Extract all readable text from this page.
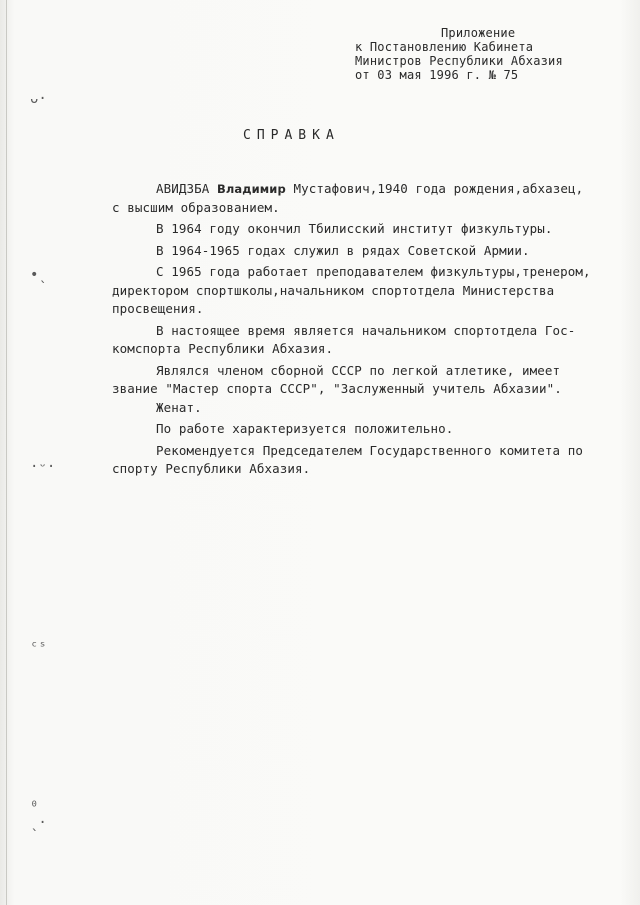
ᴗ·
•ˎ
·ᵕ·
ᶜˢ
⁰
ˎ·
Приложение
к Постановлению Кабинета
Министров Республики Абхазия
от 03 мая 1996 г. № 75
СПРАВКА

АВИДЗБА Владимир Мустафович,1940 года рождения,абхазец,

с высшим образованием.

В 1964 году окончил Тбилисский институт физкультуры.

В 1964-1965 годах служил в рядах Советской Армии.

С 1965 года работает преподавателем физкультуры,тренером,

директором спортшколы,начальником спортотдела Министерства

просвещения.

В настоящее время является начальником спортотдела Гос-

комспорта Республики Абхазия.

Являлся членом сборной СССР по легкой атлетике, имеет

звание "Мастер спорта СССР", "Заслуженный учитель Абхазии".

Женат.

По работе характеризуется положительно.

Рекомендуется Председателем Государственного комитета по

спорту Республики Абхазия.
